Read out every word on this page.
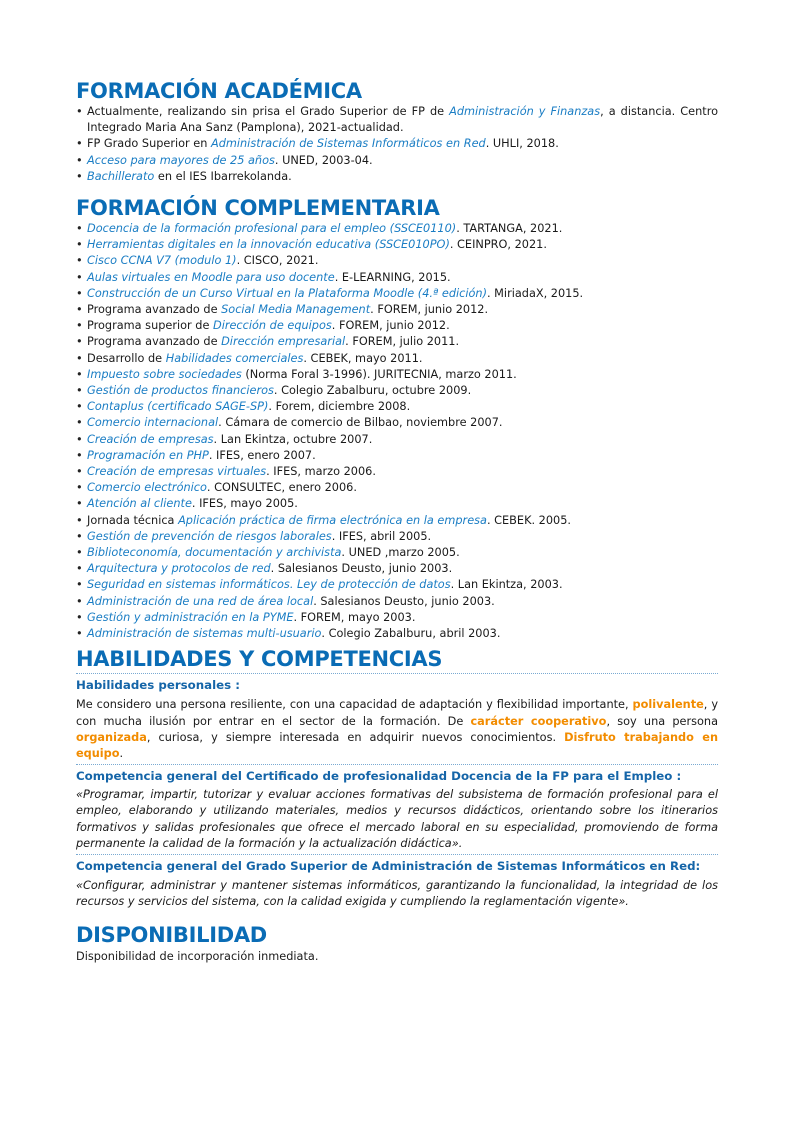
FORMACIÓN ACADÉMICA
• Actualmente, realizando sin prisa el Grado Superior de FP de Administración y Finanzas, a distancia. Centro Integrado Maria Ana Sanz (Pamplona), 2021-actualidad.
• FP Grado Superior en Administración de Sistemas Informáticos en Red. UHLI, 2018.
• Acceso para mayores de 25 años. UNED, 2003-04.
• Bachillerato en el IES Ibarrekolanda.
FORMACIÓN COMPLEMENTARIA
• Docencia de la formación profesional para el empleo (SSCE0110). TARTANGA, 2021.
• Herramientas digitales en la innovación educativa (SSCE010PO). CEINPRO, 2021.
• Cisco CCNA V7 (modulo 1). CISCO, 2021.
• Aulas virtuales en Moodle para uso docente. E-LEARNING, 2015.
• Construcción de un Curso Virtual en la Plataforma Moodle (4.ª edición). MiriadaX, 2015.
• Programa avanzado de Social Media Management. FOREM, junio 2012.
• Programa superior de Dirección de equipos. FOREM, junio 2012.
• Programa avanzado de Dirección empresarial. FOREM, julio 2011.
• Desarrollo de Habilidades comerciales. CEBEK, mayo 2011.
• Impuesto sobre sociedades (Norma Foral 3-1996). JURITECNIA, marzo 2011.
• Gestión de productos financieros. Colegio Zabalburu, octubre 2009.
• Contaplus (certificado SAGE-SP). Forem, diciembre 2008.
• Comercio internacional. Cámara de comercio de Bilbao, noviembre 2007.
• Creación de empresas. Lan Ekintza, octubre 2007.
• Programación en PHP. IFES, enero 2007.
• Creación de empresas virtuales. IFES, marzo 2006.
• Comercio electrónico. CONSULTEC, enero 2006.
• Atención al cliente. IFES, mayo 2005.
• Jornada técnica Aplicación práctica de firma electrónica en la empresa. CEBEK. 2005.
• Gestión de prevención de riesgos laborales. IFES, abril 2005.
• Biblioteconomía, documentación y archivista. UNED ,marzo 2005.
• Arquitectura y protocolos de red. Salesianos Deusto, junio 2003.
• Seguridad en sistemas informáticos. Ley de protección de datos. Lan Ekintza, 2003.
• Administración de una red de área local. Salesianos Deusto, junio 2003.
• Gestión y administración en la PYME. FOREM, mayo 2003.
• Administración de sistemas multi-usuario. Colegio Zabalburu, abril 2003.
HABILIDADES Y COMPETENCIAS

Habilidades personales :

Me considero una persona resiliente, con una capacidad de adaptación y flexibilidad importante, polivalente, y con mucha ilusión por entrar en el sector de la formación. De carácter cooperativo, soy una persona organizada, curiosa, y siempre interesada en adquirir nuevos conocimientos. Disfruto trabajando en equipo.

Competencia general del Certificado de profesionalidad Docencia de la FP para el Empleo :

«Programar, impartir, tutorizar y evaluar acciones formativas del subsistema de formación profesional para el empleo, elaborando y utilizando materiales, medios y recursos didácticos, orientando sobre los itinerarios formativos y salidas profesionales que ofrece el mercado laboral en su especialidad, promoviendo de forma permanente la calidad de la formación y la actualización didáctica».

Competencia general del Grado Superior de Administración de Sistemas Informáticos en Red:

«Configurar, administrar y mantener sistemas informáticos, garantizando la funcionalidad, la integridad de los recursos y servicios del sistema, con la calidad exigida y cumpliendo la reglamentación vigente».

DISPONIBILIDAD

Disponibilidad de incorporación inmediata.
